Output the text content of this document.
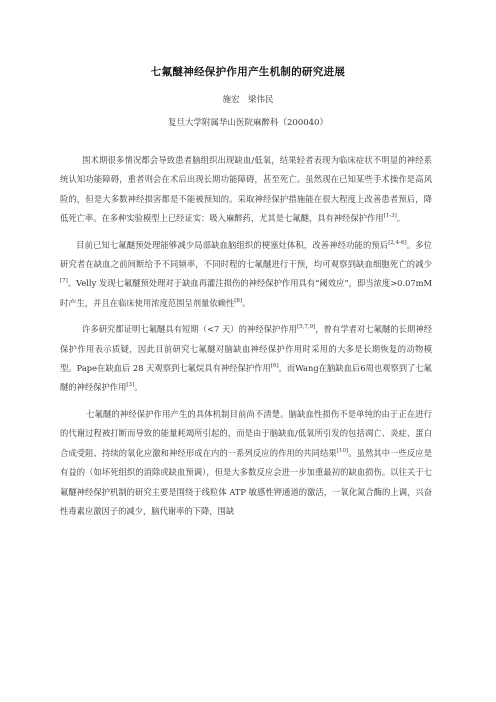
七氟醚神经保护作用产生机制的研究进展
施宏　梁伟民
复旦大学附属华山医院麻醉科（200040）

围术期很多情况都会导致患者脑组织出现缺血/低氧，结果轻者表现为临床症状不明显的神经系统认知功能障碍，重者则会在术后出现长期功能障碍，甚至死亡。虽然现在已知某些手术操作是高风险的，但是大多数神经损害都是不能被预知的。采取神经保护措施能在很大程度上改善患者预后，降低死亡率。在多种实验模型上已经证实：吸入麻醉药，尤其是七氟醚，具有神经保护作用[1-3]。

目前已知七氟醚预处理能够减少局部缺血脑组织的梗塞灶体积，改善神经功能的预后[2,4-6]。多位研究者在缺血之前间断给予不同频率，不同时程的七氟醚进行干预，均可观察到缺血细胞死亡的减少[7]。Velly 发现七氟醚预处理对于缺血再灌注损伤的神经保护作用具有“阈效应”，即当浓度>0.07mM 时产生，并且在临床使用浓度范围呈剂量依赖性[8]。

许多研究都证明七氟醚具有短期（<7 天）的神经保护作用[5,7,9]，曾有学者对七氟醚的长期神经保护作用表示质疑，因此目前研究七氟醚对脑缺血神经保护作用时采用的大多是长期恢复的动物模型。Pape在缺血后 28 天观察到七氟烷具有神经保护作用[6]，而Wang在脑缺血后6周也观察到了七氟醚的神经保护作用[3]。

七氟醚的神经保护作用产生的具体机制目前尚不清楚。脑缺血性损伤不是单纯的由于正在进行的代谢过程被打断而导致的能量耗竭所引起的，而是由于脑缺血/低氧所引发的包括凋亡、炎症、蛋白合成受阻、持续的氧化应激和神经形成在内的一系列反应的作用的共同结果[10]。虽然其中一些反应是有益的（如坏死组织的消除或缺血预调），但是大多数反应会进一步加重最初的缺血损伤。以往关于七氟醚神经保护机制的研究主要是围绕于线粒体 ATP 敏感性钾通道的激活，一氧化氮合酶的上调，兴奋性毒素应激因子的减少，脑代谢率的下降，围缺
